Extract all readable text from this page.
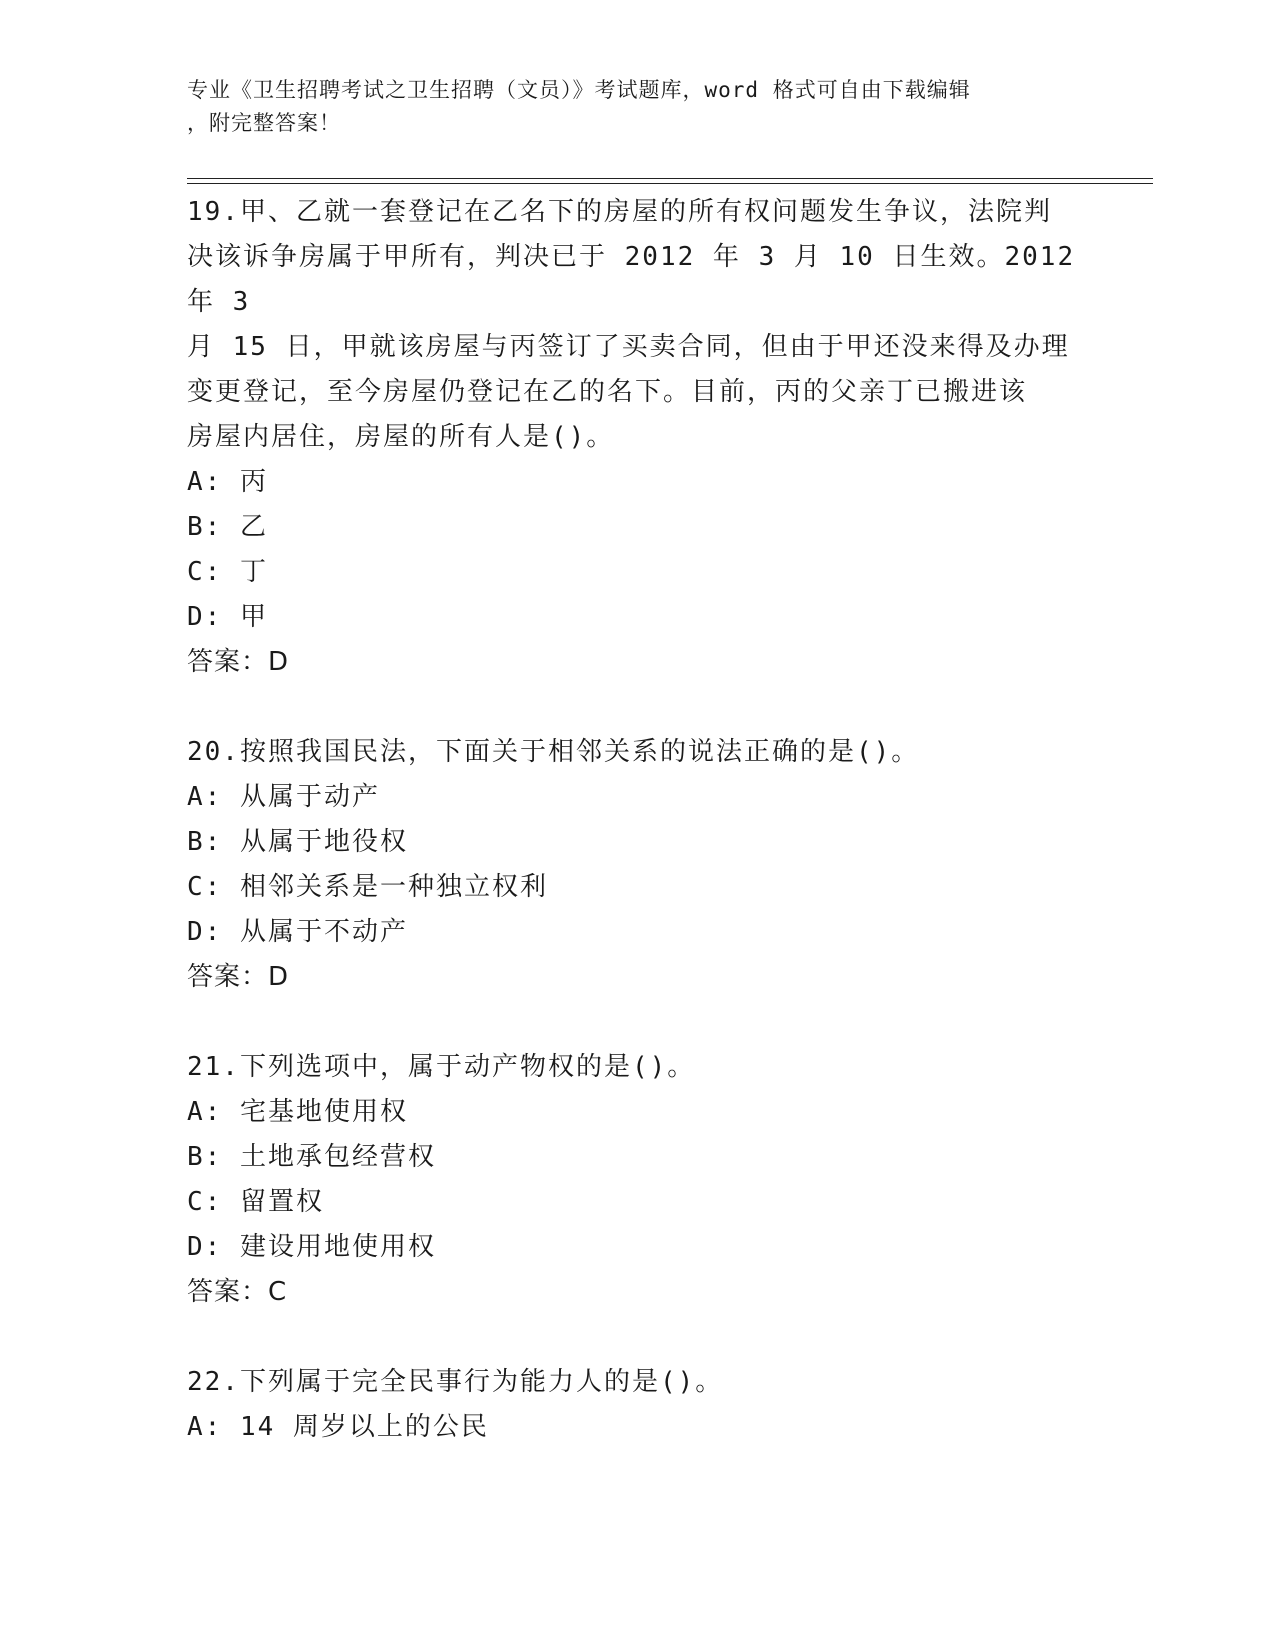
专业《卫生招聘考试之卫生招聘（文员）》考试题库，word 格式可自由下载编辑
，附完整答案！
19.甲、乙就一套登记在乙名下的房屋的所有权问题发生争议，法院判
决该诉争房属于甲所有，判决已于 2012 年 3 月 10 日生效。2012 年 3
月 15 日，甲就该房屋与丙签订了买卖合同，但由于甲还没来得及办理
变更登记，至今房屋仍登记在乙的名下。目前，丙的父亲丁已搬进该
房屋内居住，房屋的所有人是()。
A: 丙
B: 乙
C: 丁
D: 甲
答案：D
20.按照我国民法，下面关于相邻关系的说法正确的是()。
A: 从属于动产
B: 从属于地役权
C: 相邻关系是一种独立权利
D: 从属于不动产
答案：D
21.下列选项中，属于动产物权的是()。
A: 宅基地使用权
B: 土地承包经营权
C: 留置权
D: 建设用地使用权
答案：C
22.下列属于完全民事行为能力人的是()。
A: 14 周岁以上的公民
